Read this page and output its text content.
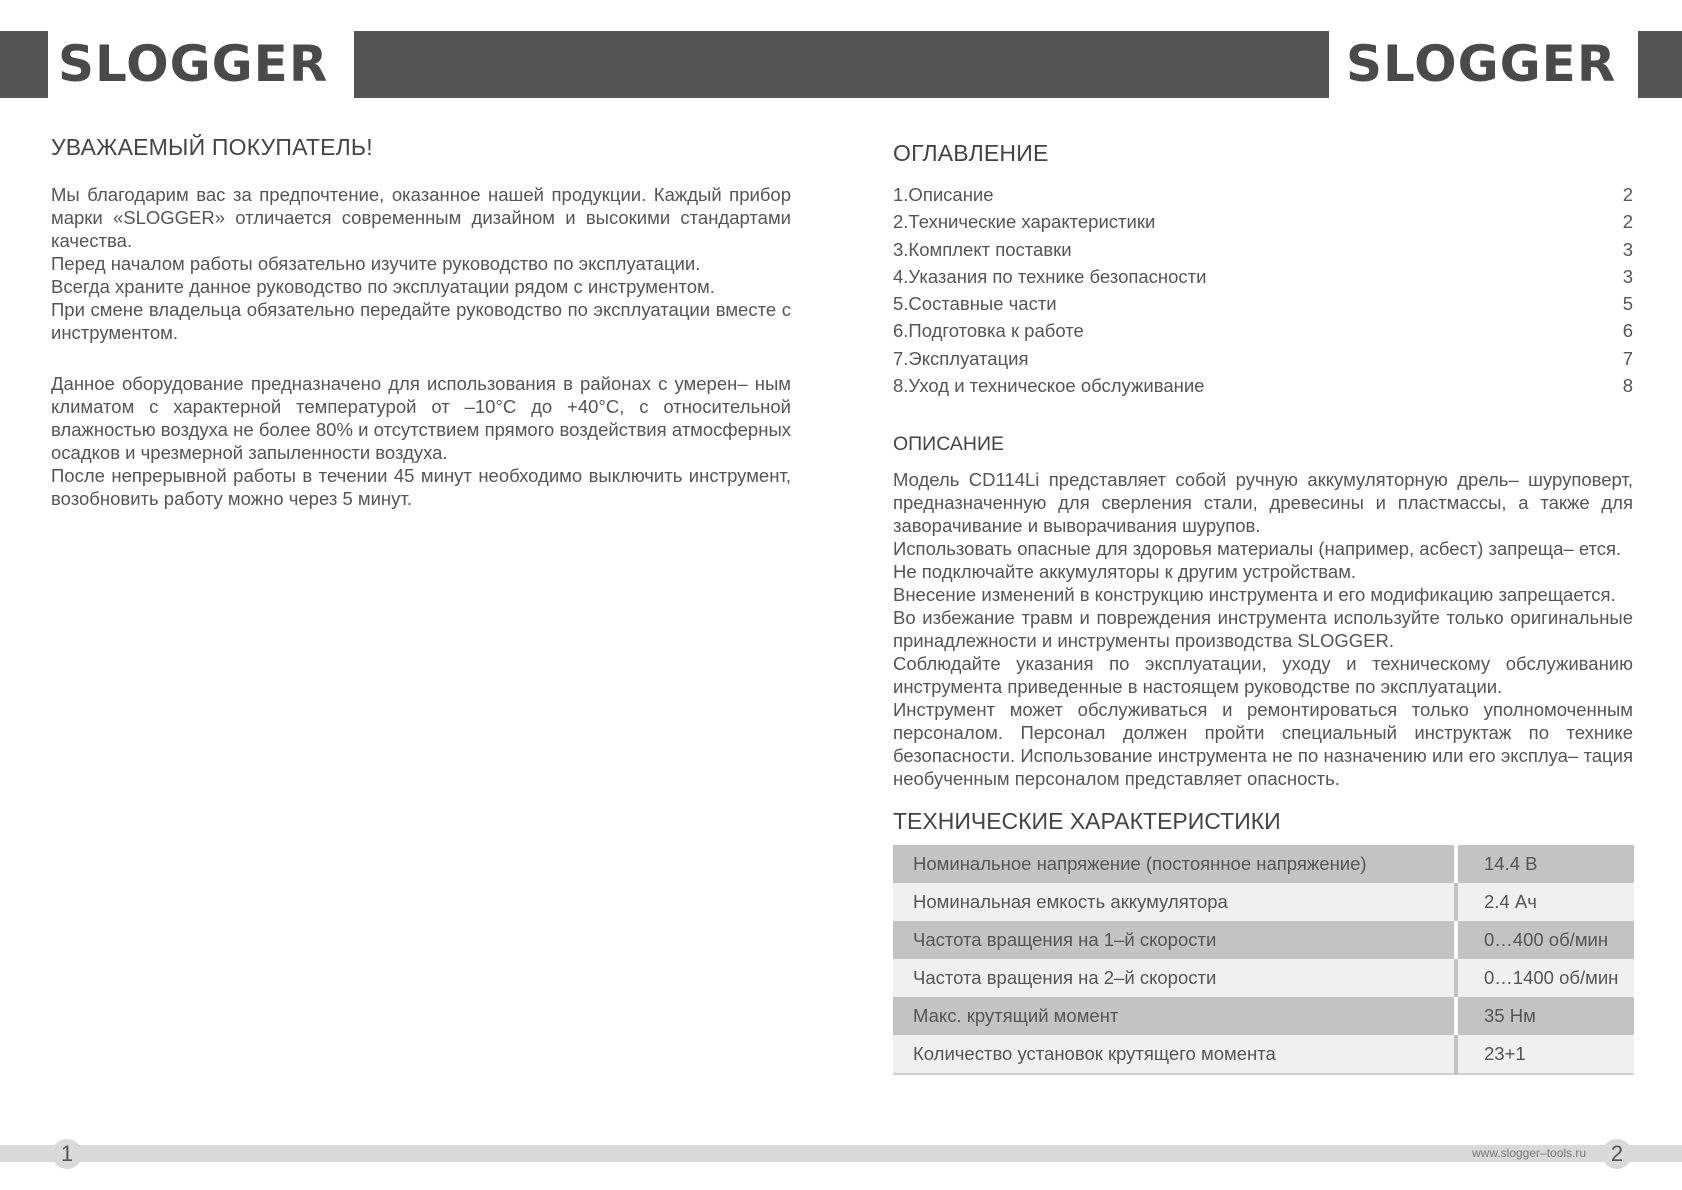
SLOGGER	SLOGGER
УВАЖАЕМЫЙ ПОКУПАТЕЛЬ!

Мы благодарим вас за предпочтение, оказанное нашей продукции. Каждый прибор марки «SLOGGER» отличается современным дизайном и высокими стандартами качества.

Перед началом работы обязательно изучите руководство по эксплуатации.

Всегда храните данное руководство по эксплуатации рядом с инструментом.

При смене владельца обязательно передайте руководство по эксплуатации вместе с инструментом.

Данное оборудование предназначено для использования в районах с умерен– ным климатом с характерной температурой от –10°С до +40°С, с относительной влажностью воздуха не более 80% и отсутствием прямого воздействия атмосферных осадков и чрезмерной запыленности воздуха.

После непрерывной работы в течении 45 минут необходимо выключить инструмент, возобновить работу можно через 5 минут.

ОГЛАВЛЕНИЕ
1.Описание	2
2.Технические характеристики	2
3.Комплект поставки	3
4.Указания по технике безопасности	3
5.Составные части	5
6.Подготовка к работе	6
7.Эксплуатация	7
8.Уход и техническое обслуживание	8
ОПИСАНИЕ

Модель CD114Li представляет собой ручную аккумуляторную дрель– шуруповерт, предназначенную для сверления стали, древесины и пластмассы, а также для заворачивание и выворачивания шурупов.

Использовать опасные для здоровья материалы (например, асбест) запреща– ется.

Не подключайте аккумуляторы к другим устройствам.

Внесение изменений в конструкцию инструмента и его модификацию запрещается.

Во избежание травм и повреждения инструмента используйте только оригинальные принадлежности и инструменты производства SLOGGER.

Соблюдайте указания по эксплуатации, уходу и техническому обслуживанию инструмента приведенные в настоящем руководстве по эксплуатации.

Инструмент может обслуживаться и ремонтироваться только уполномоченным персоналом. Персонал должен пройти специальный инструктаж по технике безопасности. Использование инструмента не по назначению или его эксплуа– тация необученным персоналом представляет опасность.

ТЕХНИЧЕСКИЕ ХАРАКТЕРИСТИКИ
Номинальное напряжение (постоянное напряжение)	14.4 В
Номинальная емкость аккумулятора	2.4 Ач
Частота вращения на 1–й скорости	0…400 об/мин
Частота вращения на 2–й скорости	0…1400 об/мин
Макс. крутящий момент	35 Нм
Количество установок крутящего момента	23+1
1	www.slogger–tools.ru	2
